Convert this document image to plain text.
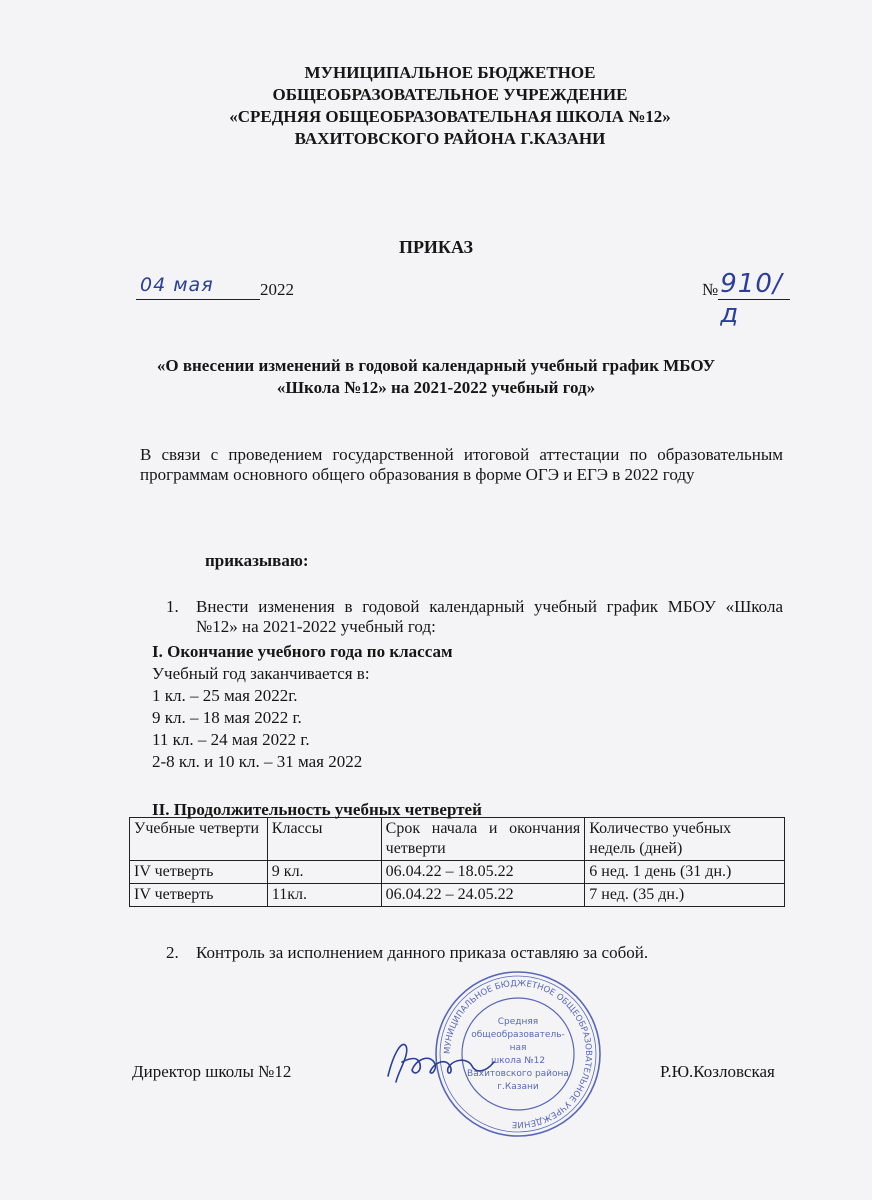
МУНИЦИПАЛЬНОЕ БЮДЖЕТНОЕ
ОБЩЕОБРАЗОВАТЕЛЬНОЕ УЧРЕЖДЕНИЕ
«СРЕДНЯЯ ОБЩЕОБРАЗОВАТЕЛЬНАЯ ШКОЛА №12»
ВАХИТОВСКОГО РАЙОНА Г.КАЗАНИ
ПРИКАЗ
04 мая	2022	№ 910/д
«О внесении изменений в годовой календарный учебный график МБОУ
«Школа №12» на 2021-2022 учебный год»
В связи с проведением государственной итоговой аттестации по образовательным программам основного общего образования в форме ОГЭ и ЕГЭ в 2022 году
приказываю:
1.	Внести изменения в годовой календарный учебный график МБОУ «Школа №12» на 2021-2022 учебный год:
I. Окончание учебного года по классам
Учебный год заканчивается в:
1 кл. – 25 мая 2022г.
9 кл. – 18 мая 2022 г.
11 кл. – 24 мая 2022 г.
2-8 кл. и 10 кл. – 31 мая 2022
II. Продолжительность учебных четвертей
Учебные четверти	Классы	Срок начала и окончания четверти	Количество учебных недель (дней)
IV четверть	9 кл.	06.04.22 – 18.05.22	6 нед. 1 день (31 дн.)
IV четверть	11кл.	06.04.22 – 24.05.22	7 нед. (35 дн.)
2. Контроль за исполнением данного приказа оставляю за собой.
Директор школы №12	Р.Ю.Козловская
МУНИЦИПАЛЬНОЕ БЮДЖЕТНОЕ ОБЩЕОБРАЗОВАТЕЛЬНОЕ УЧРЕЖДЕНИЕ
Средняя
общеобразователь-
ная
школа №12
Вахитовского района
г.Казани
